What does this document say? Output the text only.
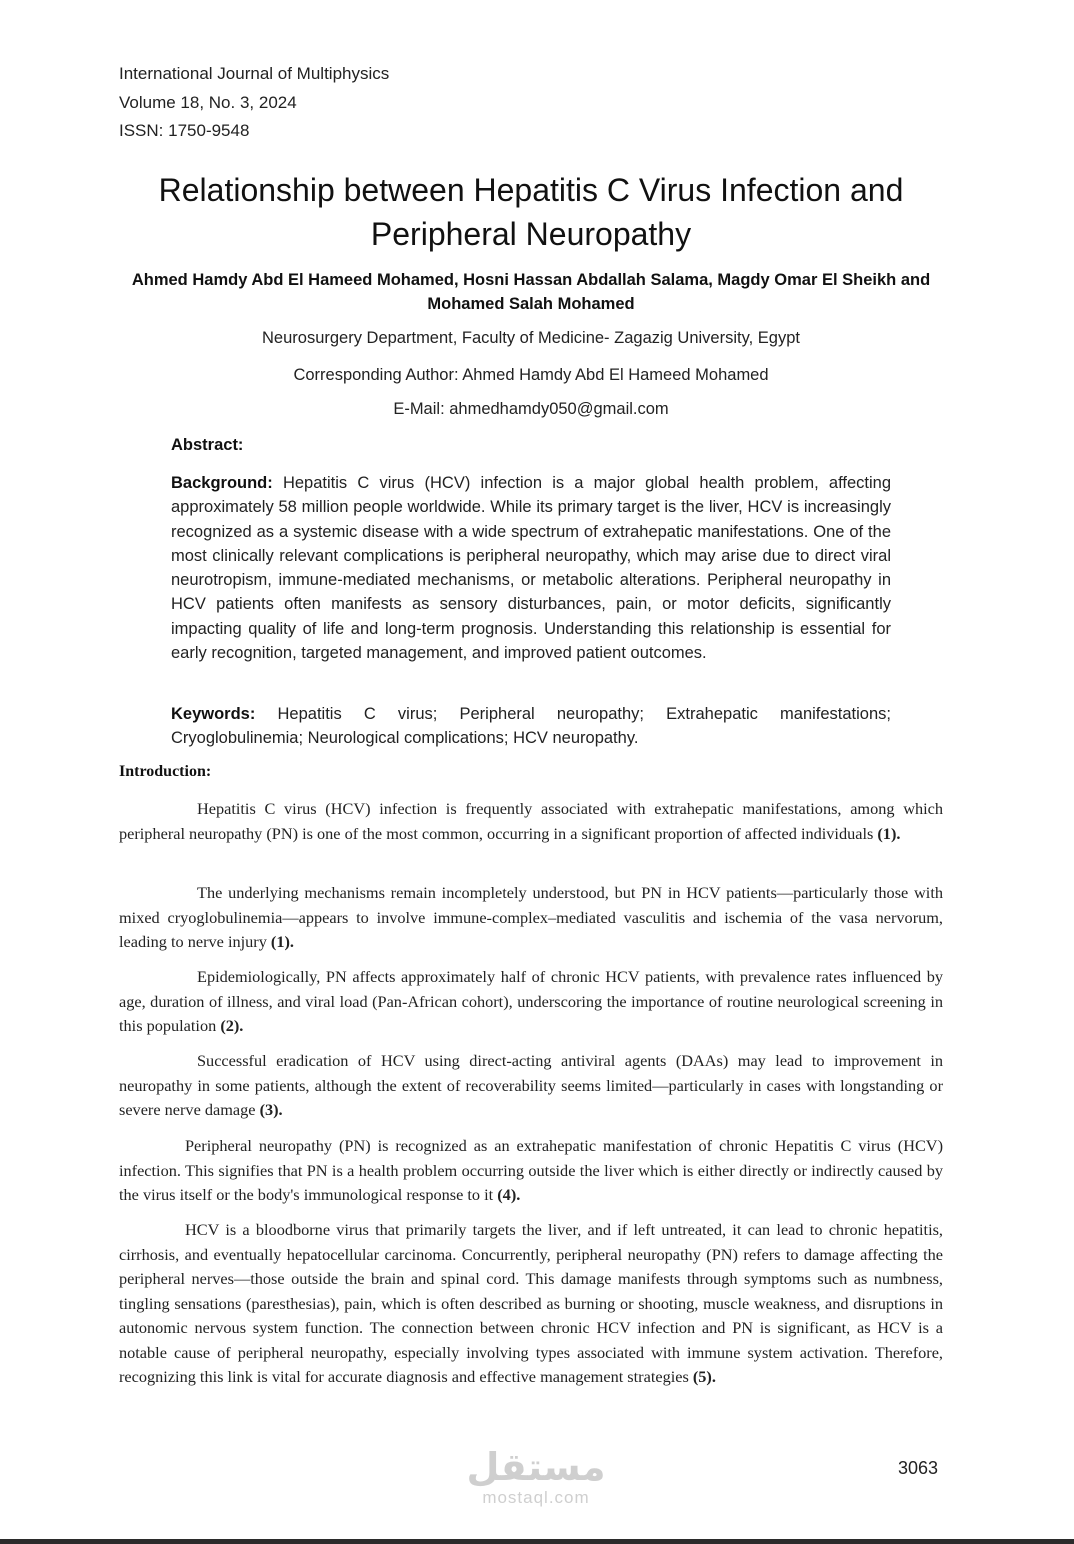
International Journal of Multiphysics
Volume 18, No. 3, 2024
ISSN: 1750-9548
Relationship between Hepatitis C Virus Infection and Peripheral Neuropathy
Ahmed Hamdy Abd El Hameed Mohamed, Hosni Hassan Abdallah Salama, Magdy Omar El Sheikh and Mohamed Salah Mohamed
Neurosurgery Department, Faculty of Medicine- Zagazig University, Egypt
Corresponding Author: Ahmed Hamdy Abd El Hameed Mohamed
E-Mail: ahmedhamdy050@gmail.com
Abstract:
Background: Hepatitis C virus (HCV) infection is a major global health problem, affecting approximately 58 million people worldwide. While its primary target is the liver, HCV is increasingly recognized as a systemic disease with a wide spectrum of extrahepatic manifestations. One of the most clinically relevant complications is peripheral neuropathy, which may arise due to direct viral neurotropism, immune-mediated mechanisms, or metabolic alterations. Peripheral neuropathy in HCV patients often manifests as sensory disturbances, pain, or motor deficits, significantly impacting quality of life and long-term prognosis. Understanding this relationship is essential for early recognition, targeted management, and improved patient outcomes.
Keywords: Hepatitis C virus; Peripheral neuropathy; Extrahepatic manifestations; Cryoglobulinemia; Neurological complications; HCV neuropathy.
Introduction:
Hepatitis C virus (HCV) infection is frequently associated with extrahepatic manifestations, among which peripheral neuropathy (PN) is one of the most common, occurring in a significant proportion of affected individuals (1).
The underlying mechanisms remain incompletely understood, but PN in HCV patients—particularly those with mixed cryoglobulinemia—appears to involve immune-complex–mediated vasculitis and ischemia of the vasa nervorum, leading to nerve injury (1).
Epidemiologically, PN affects approximately half of chronic HCV patients, with prevalence rates influenced by age, duration of illness, and viral load (Pan-African cohort), underscoring the importance of routine neurological screening in this population (2).
Successful eradication of HCV using direct-acting antiviral agents (DAAs) may lead to improvement in neuropathy in some patients, although the extent of recoverability seems limited—particularly in cases with longstanding or severe nerve damage (3).
Peripheral neuropathy (PN) is recognized as an extrahepatic manifestation of chronic Hepatitis C virus (HCV) infection. This signifies that PN is a health problem occurring outside the liver which is either directly or indirectly caused by the virus itself or the body's immunological response to it (4).
HCV is a bloodborne virus that primarily targets the liver, and if left untreated, it can lead to chronic hepatitis, cirrhosis, and eventually hepatocellular carcinoma. Concurrently, peripheral neuropathy (PN) refers to damage affecting the peripheral nerves—those outside the brain and spinal cord. This damage manifests through symptoms such as numbness, tingling sensations (paresthesias), pain, which is often described as burning or shooting, muscle weakness, and disruptions in autonomic nervous system function. The connection between chronic HCV infection and PN is significant, as HCV is a notable cause of peripheral neuropathy, especially involving types associated with immune system activation. Therefore, recognizing this link is vital for accurate diagnosis and effective management strategies (5).
مستقل
mostaql.com
3063
